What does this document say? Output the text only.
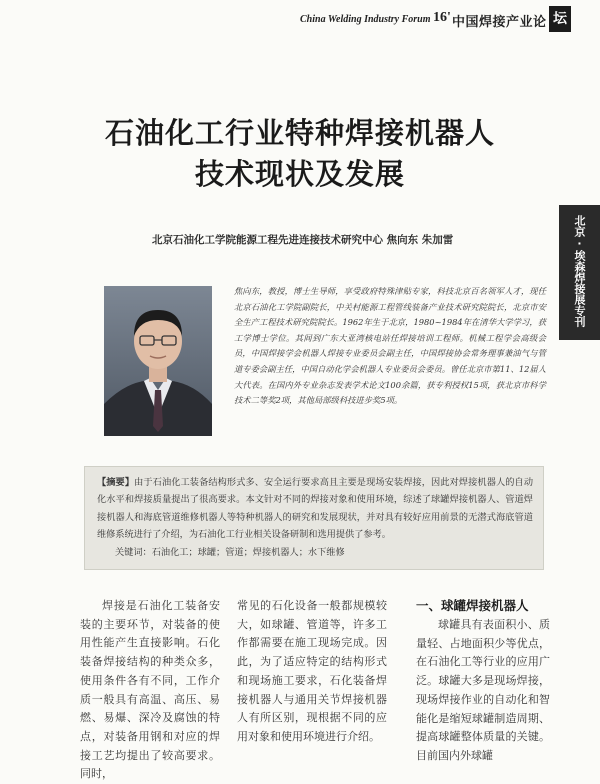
China Welding Industry Forum 16' 中国焊接产业论 坛
石油化工行业特种焊接机器人
技术现状及发展
北京·埃森焊接展专刊
北京石油化工学院能源工程先进连接技术研究中心 焦向东 朱加雷
焦向东，教授，博士生导师，享受政府特殊津贴专家，科技北京百名领军人才，现任北京石油化工学院副院长，中关村能源工程管线装备产业技术研究院院长，北京市安全生产工程技术研究院院长。1962年生于北京，1980~1984年在清华大学学习，获工学博士学位。其间到广东大亚湾核电站任焊接培训工程师。机械工程学会高级会员，中国焊接学会机器人焊接专业委员会副主任，中国焊接协会常务理事兼油气与管道专委会副主任，中国自动化学会机器人专业委员会委员。曾任北京市第11、12届人大代表。在国内外专业杂志发表学术论文100余篇，获专利授权15项，获北京市科学技术二等奖2项，其他局部级科技进步奖5项。
【摘要】由于石油化工装备结构形式多、安全运行要求高且主要是现场安装焊接，因此对焊接机器人的自动化水平和焊接质量提出了很高要求。本文针对不同的焊接对象和使用环境，综述了球罐焊接机器人、管道焊接机器人和海底管道维修机器人等特种机器人的研究和发展现状，并对具有较好应用前景的无潜式海底管道维修系统进行了介绍，为石油化工行业相关设备研制和选用提供了参考。
关键词：石油化工；球罐；管道；焊接机器人；水下维修
焊接是石油化工装备安装的主要环节，对装备的使用性能产生直接影响。石化装备焊接结构的种类众多，使用条件各有不同，工作介质一般具有高温、高压、易燃、易爆、深冷及腐蚀的特点，对装备用钢和对应的焊接工艺均提出了较高要求。同时，
常见的石化设备一般都规模较大，如球罐、管道等，许多工作都需要在施工现场完成。因此，为了适应特定的结构形式和现场施工要求，石化装备焊接机器人与通用关节焊接机器人有所区别，现根据不同的应用对象和使用环境进行介绍。
一、球罐焊接机器人
球罐具有表面积小、质量轻、占地面积少等优点，在石油化工等行业的应用广泛。球罐大多是现场焊接，现场焊接作业的自动化和智能化是缩短球罐制造周期、提高球罐整体质量的关键。目前国内外球罐
